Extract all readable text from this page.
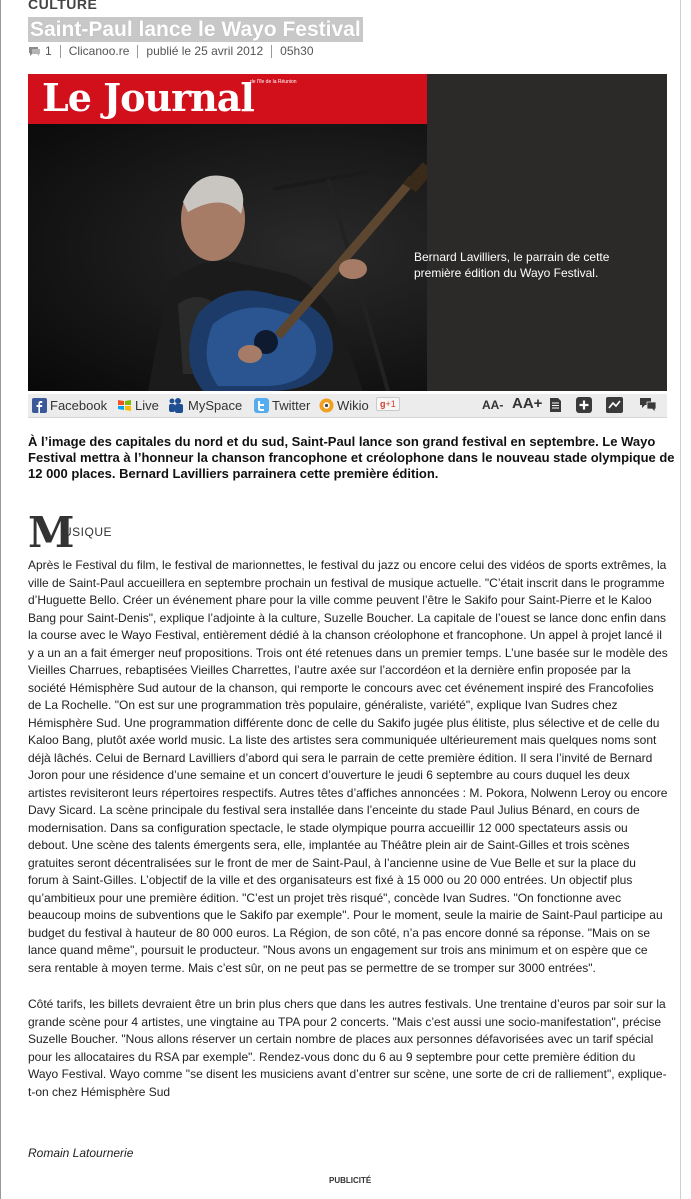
CULTURE
Saint-Paul lance le Wayo Festival
1 Clicanoo.re publié le 25 avril 2012 05h30
Le Journal
de l'île de la Réunion
Bernard Lavilliers, le parrain de cette première édition du Wayo Festival.
Facebook Live MySpace Twitter Wikio	g+1	AA- AA+
À l’image des capitales du nord et du sud, Saint-Paul lance son grand festival en septembre. Le Wayo Festival mettra à l’honneur la chanson francophone et créolophone dans le nouveau stade olympique de 12 000 places. Bernard Lavilliers parrainera cette première édition.
M
USIQUE

Après le Festival du film, le festival de marionnettes, le festival du jazz ou encore celui des vidéos de sports extrêmes, la ville de Saint-Paul accueillera en septembre prochain un festival de musique actuelle. "C’était inscrit dans le programme d’Huguette Bello. Créer un événement phare pour la ville comme peuvent l’être le Sakifo pour Saint-Pierre et le Kaloo Bang pour Saint-Denis", explique l’adjointe à la culture, Suzelle Boucher. La capitale de l’ouest se lance donc enfin dans la course avec le Wayo Festival, entièrement dédié à la chanson créolophone et francophone. Un appel à projet lancé il y a un an a fait émerger neuf propositions. Trois ont été retenues dans un premier temps. L’une basée sur le modèle des Vieilles Charrues, rebaptisées Vieilles Charrettes, l’autre axée sur l’accordéon et la dernière enfin proposée par la société Hémisphère Sud autour de la chanson, qui remporte le concours avec cet événement inspiré des Francofolies de La Rochelle. "On est sur une programmation très populaire, généraliste, variété", explique Ivan Sudres chez Hémisphère Sud. Une programmation différente donc de celle du Sakifo jugée plus élitiste, plus sélective et de celle du Kaloo Bang, plutôt axée world music. La liste des artistes sera communiquée ultérieurement mais quelques noms sont déjà lâchés. Celui de Bernard Lavilliers d’abord qui sera le parrain de cette première édition. Il sera l’invité de Bernard Joron pour une résidence d’une semaine et un concert d’ouverture le jeudi 6 septembre au cours duquel les deux artistes revisiteront leurs répertoires respectifs. Autres têtes d’affiches annoncées : M. Pokora, Nolwenn Leroy ou encore Davy Sicard. La scène principale du festival sera installée dans l’enceinte du stade Paul Julius Bénard, en cours de modernisation. Dans sa configuration spectacle, le stade olympique pourra accueillir 12 000 spectateurs assis ou debout. Une scène des talents émergents sera, elle, implantée au Théâtre plein air de Saint-Gilles et trois scènes gratuites seront décentralisées sur le front de mer de Saint-Paul, à l’ancienne usine de Vue Belle et sur la place du forum à Saint-Gilles. L’objectif de la ville et des organisateurs est fixé à 15 000 ou 20 000 entrées. Un objectif plus qu’ambitieux pour une première édition. "C’est un projet très risqué", concède Ivan Sudres. "On fonctionne avec beaucoup moins de subventions que le Sakifo par exemple". Pour le moment, seule la mairie de Saint-Paul participe au budget du festival à hauteur de 80 000 euros. La Région, de son côté, n’a pas encore donné sa réponse. "Mais on se lance quand même", poursuit le producteur. "Nous avons un engagement sur trois ans minimum et on espère que ce sera rentable à moyen terme. Mais c’est sûr, on ne peut pas se permettre de se tromper sur 3000 entrées".

Côté tarifs, les billets devraient être un brin plus chers que dans les autres festivals. Une trentaine d’euros par soir sur la grande scène pour 4 artistes, une vingtaine au TPA pour 2 concerts. "Mais c’est aussi une socio-manifestation", précise Suzelle Boucher. "Nous allons réserver un certain nombre de places aux personnes défavorisées avec un tarif spécial pour les allocataires du RSA par exemple". Rendez-vous donc du 6 au 9 septembre pour cette première édition du Wayo Festival. Wayo comme "se disent les musiciens avant d’entrer sur scène, une sorte de cri de ralliement", explique-t-on chez Hémisphère Sud

Romain Latournerie
PUBLICITÉ
